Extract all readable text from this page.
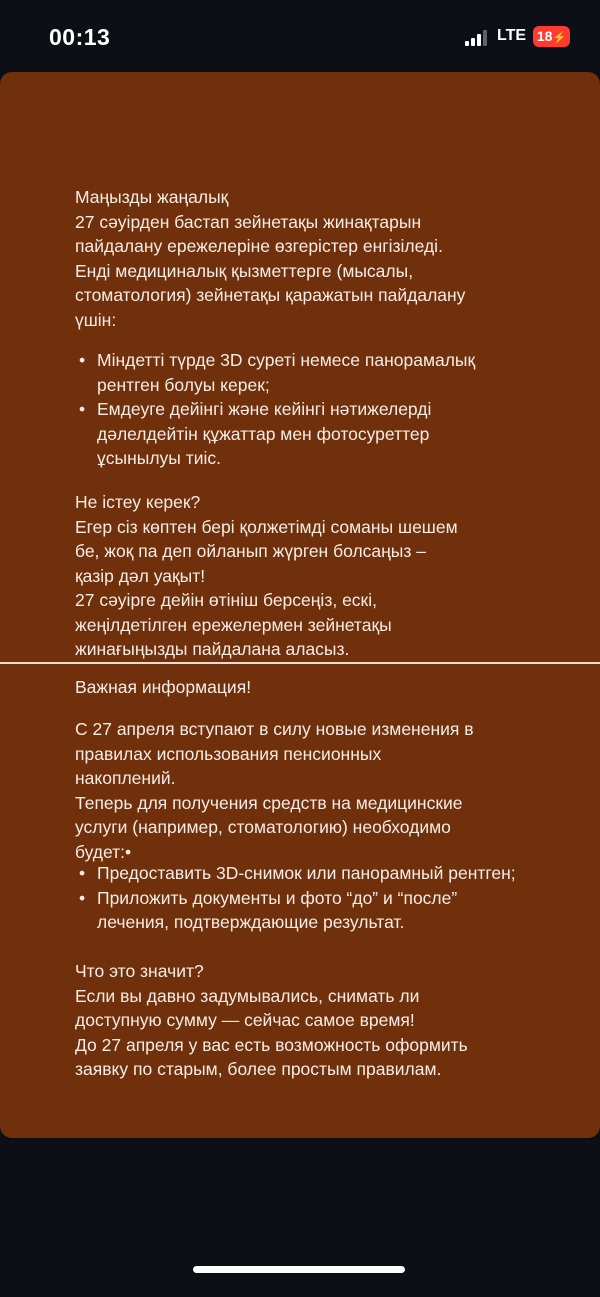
00:13	LTE 18⚡

Маңызды жаңалық

27 сәуірден бастап зейнетақы жинақтарын

пайдалану ережелеріне өзгерістер енгізіледі.

Енді медициналық қызметтерге (мысалы,

стоматология) зейнетақы қаражатын пайдалану

үшін:

• Міндетті түрде 3D суреті немесе панорамалық рентген болуы керек;
• Емдеуге дейінгі және кейінгі нәтижелерді дәлелдейтін құжаттар мен фотосуреттер ұсынылуы тиіс.

Не істеу керек?

Егер сіз көптен бері қолжетімді соманы шешем

бе, жоқ па деп ойланып жүрген болсаңыз –

қазір дәл уақыт!

27 сәуірге дейін өтініш берсеңіз, ескі,

жеңілдетілген ережелермен зейнетақы

жинағыңызды пайдалана аласыз.

Важная информация!

С 27 апреля вступают в силу новые изменения в

правилах использования пенсионных

накоплений.

Теперь для получения средств на медицинские

услуги (например, стоматологию) необходимо

будет:•

• Предоставить 3D-снимок или панорамный рентген;
• Приложить документы и фото “до” и “после” лечения, подтверждающие результат.

Что это значит?

Если вы давно задумывались, снимать ли

доступную сумму — сейчас самое время!

До 27 апреля у вас есть возможность оформить

заявку по старым, более простым правилам.
